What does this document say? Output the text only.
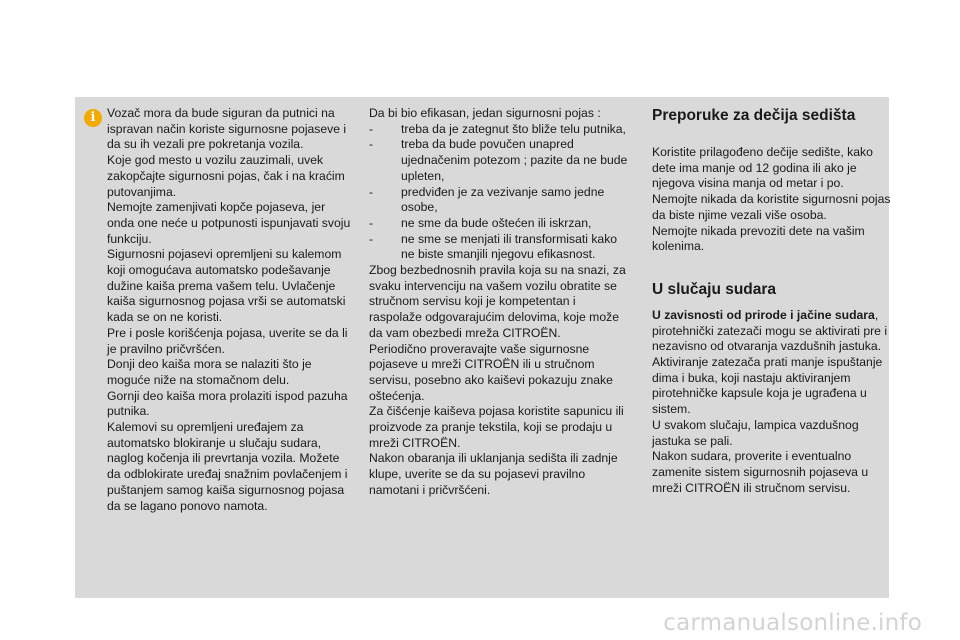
i Vozač mora da bude siguran da putnici na ispravan način koriste sigurnosne pojaseve i da su ih vezali pre pokretanja vozila.

Koje god mesto u vozilu zauzimali, uvek zakopčajte sigurnosni pojas, čak i na kraćim putovanjima.

Nemojte zamenjivati kopče pojaseva, jer onda one neće u potpunosti ispunjavati svoju funkciju.

Sigurnosni pojasevi opremljeni su kalemom koji omogućava automatsko podešavanje dužine kaiša prema vašem telu. Uvlačenje kaiša sigurnosnog pojasa vrši se automatski kada se on ne koristi.

Pre i posle korišćenja pojasa, uverite se da li je pravilno pričvršćen.

Donji deo kaiša mora se nalaziti što je moguće niže na stomačnom delu.

Gornji deo kaiša mora prolaziti ispod pazuha putnika.

Kalemovi su opremljeni uređajem za automatsko blokiranje u slučaju sudara, naglog kočenja ili prevrtanja vozila. Možete da odblokirate uređaj snažnim povlačenjem i puštanjem samog kaiša sigurnosnog pojasa da se lagano ponovo namota.

Da bi bio efikasan, jedan sigurnosni pojas :

- treba da je zategnut što bliže telu putnika,
- treba da bude povučen unapred ujednačenim potezom ; pazite da ne bude upleten,
- predviđen je za vezivanje samo jedne osobe,
- ne sme da bude oštećen ili iskrzan,
- ne sme se menjati ili transformisati kako ne biste smanjili njegovu efikasnost.

Zbog bezbednosnih pravila koja su na snazi, za svaku intervenciju na vašem vozilu obratite se stručnom servisu koji je kompetentan i raspolaže odgovarajućim delovima, koje može da vam obezbedi mreža CITROËN.

Periodično proveravajte vaše sigurnosne pojaseve u mreži CITROËN ili u stručnom servisu, posebno ako kaiševi pokazuju znake oštećenja.

Za čišćenje kaiševa pojasa koristite sapunicu ili proizvode za pranje tekstila, koji se prodaju u mreži CITROËN.

Nakon obaranja ili uklanjanja sedišta ili zadnje klupe, uverite se da su pojasevi pravilno namotani i pričvršćeni.

Preporuke za dečija sedišta

Koristite prilagođeno dečije sedište, kako dete ima manje od 12 godina ili ako je njegova visina manja od metar i po.

Nemojte nikada da koristite sigurnosni pojas da biste njime vezali više osoba.

Nemojte nikada prevoziti dete na vašim kolenima.

U slučaju sudara

U zavisnosti od prirode i jačine sudara, pirotehnički zatezači mogu se aktivirati pre i nezavisno od otvaranja vazdušnih jastuka. Aktiviranje zatezača prati manje ispuštanje dima i buka, koji nastaju aktiviranjem pirotehničke kapsule koja je ugrađena u sistem.

U svakom slučaju, lampica vazdušnog jastuka se pali.

Nakon sudara, proverite i eventualno zamenite sistem sigurnosnih pojaseva u mreži CITROËN ili stručnom servisu.

carmanualsonline.info
